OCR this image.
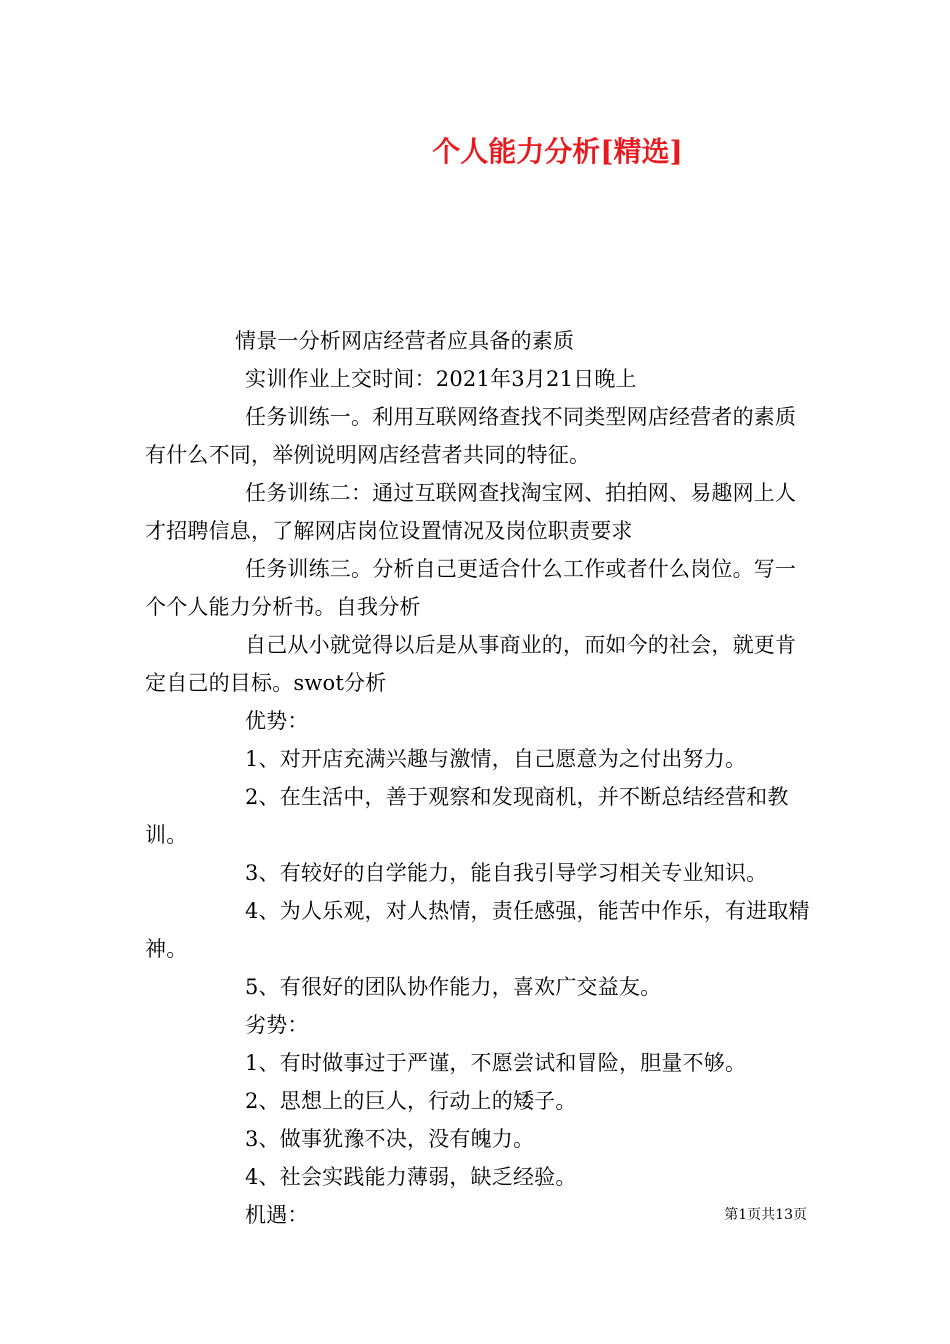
个人能力分析[精选]

情景一分析网店经营者应具备的素质

实训作业上交时间：2021年3月21日晚上

任务训练一。利用互联网络查找不同类型网店经营者的素质有什么不同，举例说明网店经营者共同的特征。

任务训练二：通过互联网查找淘宝网、拍拍网、易趣网上人才招聘信息，了解网店岗位设置情况及岗位职责要求

任务训练三。分析自己更适合什么工作或者什么岗位。写一个个人能力分析书。自我分析

自己从小就觉得以后是从事商业的，而如今的社会，就更肯定自己的目标。swot分析

优势：

1、对开店充满兴趣与激情，自己愿意为之付出努力。

2、在生活中，善于观察和发现商机，并不断总结经营和教训。

3、有较好的自学能力，能自我引导学习相关专业知识。

4、为人乐观，对人热情，责任感强，能苦中作乐，有进取精神。

5、有很好的团队协作能力，喜欢广交益友。

劣势：

1、有时做事过于严谨，不愿尝试和冒险，胆量不够。

2、思想上的巨人，行动上的矮子。

3、做事犹豫不决，没有魄力。

4、社会实践能力薄弱，缺乏经验。

机遇：	第1页共13页
